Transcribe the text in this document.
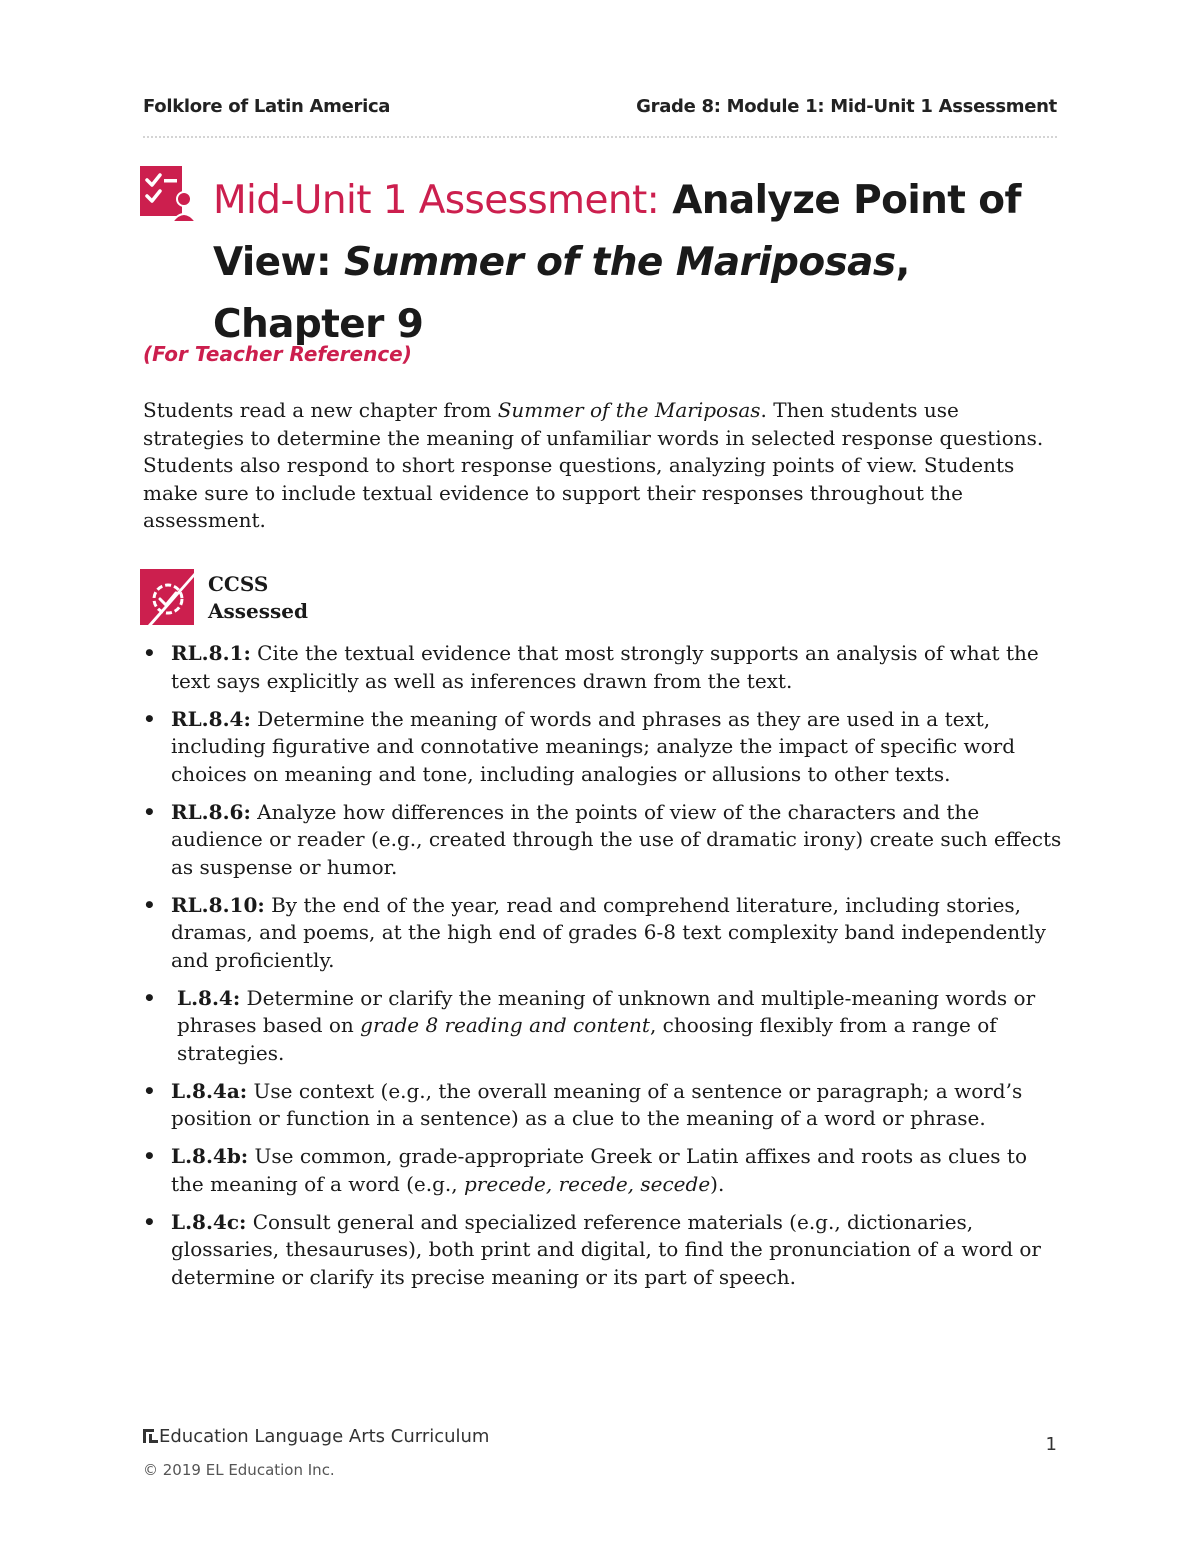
Folklore of Latin America	Grade 8: Module 1: Mid-Unit 1 Assessment
Mid-Unit 1 Assessment: Analyze Point of View: Summer of the Mariposas, Chapter 9
(For Teacher Reference)

Students read a new chapter from Summer of the Mariposas. Then students use strategies to determine the meaning of unfamiliar words in selected response questions. Students also respond to short response questions, analyzing points of view. Students make sure to include textual evidence to support their responses throughout the assessment.

CCSS
Assessed
• RL.8.1: Cite the textual evidence that most strongly supports an analysis of what the text says explicitly as well as inferences drawn from the text.
• RL.8.4: Determine the meaning of words and phrases as they are used in a text, including figurative and connotative meanings; analyze the impact of specific word choices on meaning and tone, including analogies or allusions to other texts.
• RL.8.6: Analyze how differences in the points of view of the characters and the audience or reader (e.g., created through the use of dramatic irony) create such effects as suspense or humor.
• RL.8.10: By the end of the year, read and comprehend literature, including stories, dramas, and poems, at the high end of grades 6-8 text complexity band independently and proficiently.
• L.8.4: Determine or clarify the meaning of unknown and multiple-meaning words or phrases based on grade 8 reading and content, choosing flexibly from a range of strategies.
• L.8.4a: Use context (e.g., the overall meaning of a sentence or paragraph; a word’s position or function in a sentence) as a clue to the meaning of a word or phrase.
• L.8.4b: Use common, grade-appropriate Greek or Latin affixes and roots as clues to the meaning of a word (e.g., precede, recede, secede).
• L.8.4c: Consult general and specialized reference materials (e.g., dictionaries, glossaries, thesauruses), both print and digital, to find the pronunciation of a word or determine or clarify its precise meaning or its part of speech.
Education Language Arts Curriculum
© 2019 EL Education Inc.
1
